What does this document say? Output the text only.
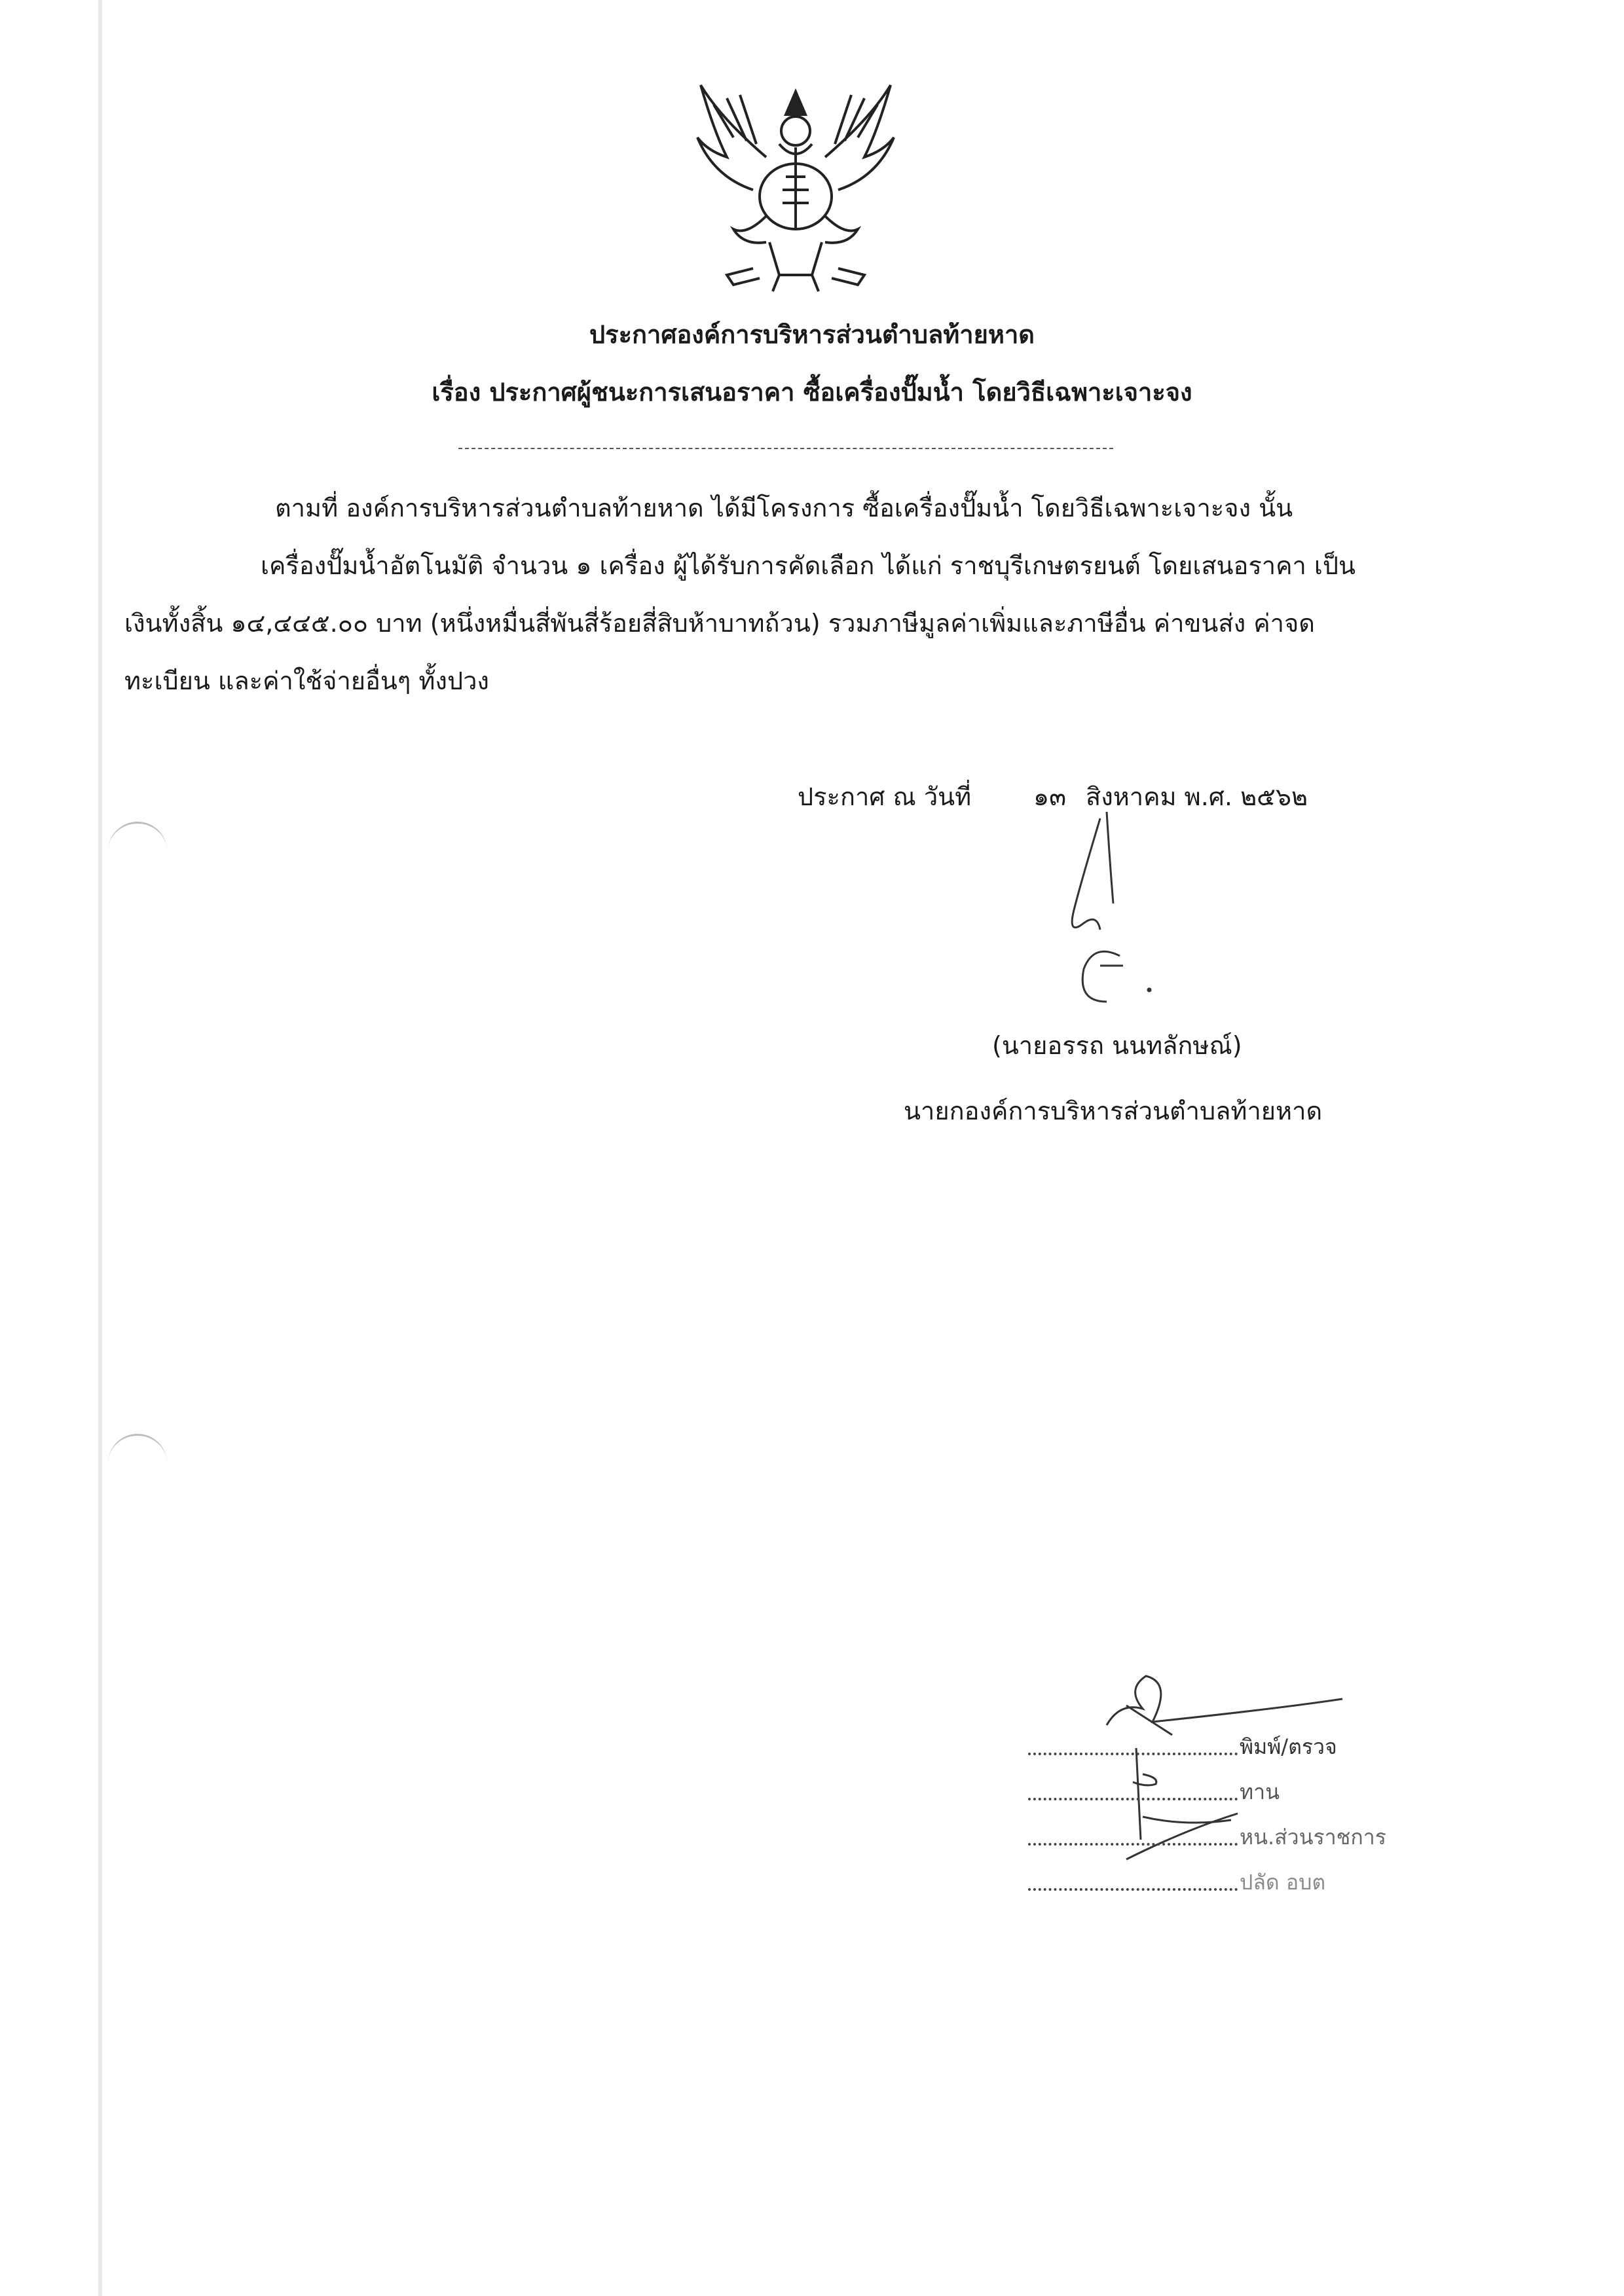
ประกาศองค์การบริหารส่วนตำบลท้ายหาด
เรื่อง ประกาศผู้ชนะการเสนอราคา ซื้อเครื่องปั๊มน้ำ โดยวิธีเฉพาะเจาะจง
ตามที่ องค์การบริหารส่วนตำบลท้ายหาด ได้มีโครงการ ซื้อเครื่องปั๊มน้ำ โดยวิธีเฉพาะเจาะจง นั้น
เครื่องปั๊มน้ำอัตโนมัติ จำนวน ๑ เครื่อง ผู้ได้รับการคัดเลือก ได้แก่ ราชบุรีเกษตรยนต์ โดยเสนอราคา เป็น
เงินทั้งสิ้น ๑๔,๔๔๕.๐๐ บาท (หนึ่งหมื่นสี่พันสี่ร้อยสี่สิบห้าบาทถ้วน) รวมภาษีมูลค่าเพิ่มและภาษีอื่น ค่าขนส่ง ค่าจด
ทะเบียน และค่าใช้จ่ายอื่นๆ ทั้งปวง
ประกาศ ณ วันที่ ๑๓ สิงหาคม พ.ศ. ๒๕๖๒
(นายอรรถ นนทลักษณ์)
นายกองค์การบริหารส่วนตำบลท้ายหาด
พิมพ์/ตรวจ
ทาน
หน.ส่วนราชการ
ปลัด อบต
